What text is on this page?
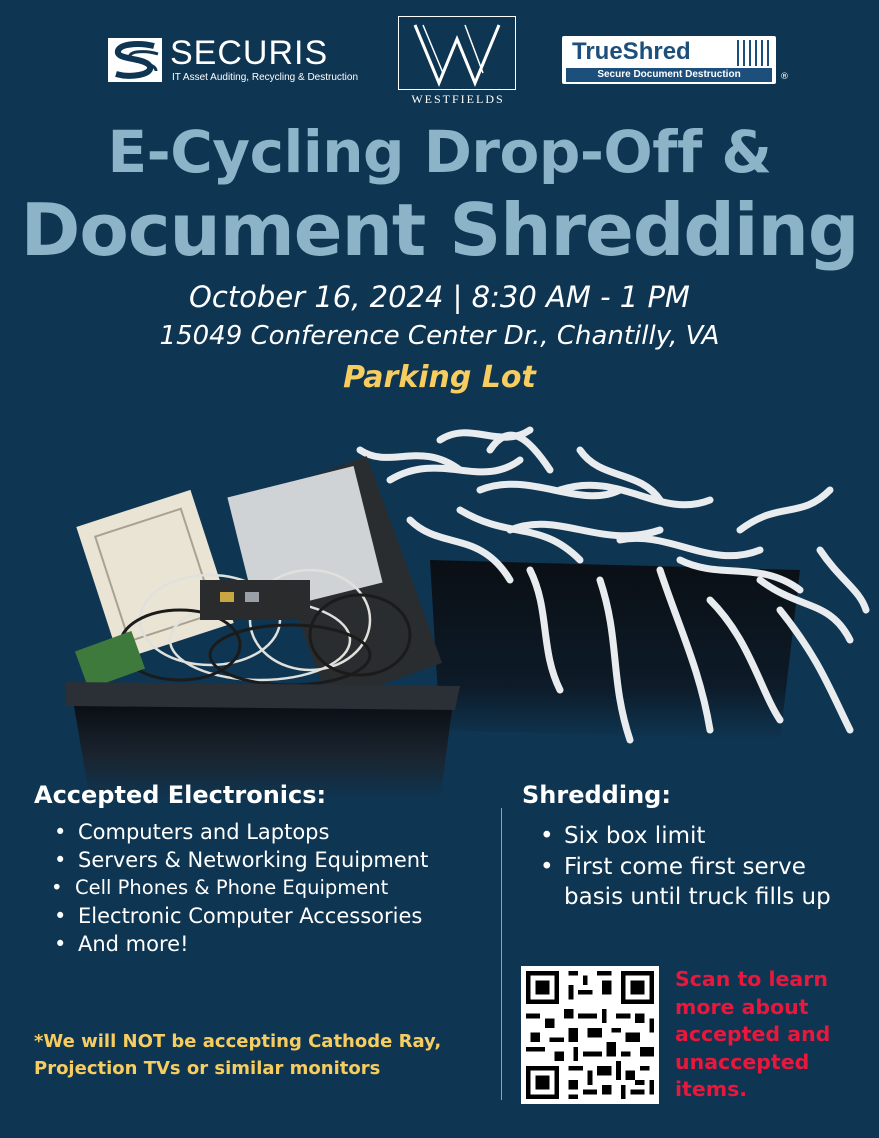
SECURIS
IT Asset Auditing, Recycling & Destruction
WESTFIELDS
TrueShred
Secure Document Destruction	®
E-Cycling Drop-Off &
Document Shredding
October 16, 2024 | 8:30 AM - 1 PM
15049 Conference Center Dr., Chantilly, VA
Parking Lot
Accepted Electronics:
• Computers and Laptops
• Servers & Networking Equipment
• Cell Phones & Phone Equipment
• Electronic Computer Accessories
• And more!
Shredding:
• Six box limit
• First come first serve basis until truck fills up
*We will NOT be accepting Cathode Ray, Projection TVs or similar monitors
Scan to learn more about accepted and unaccepted items.
